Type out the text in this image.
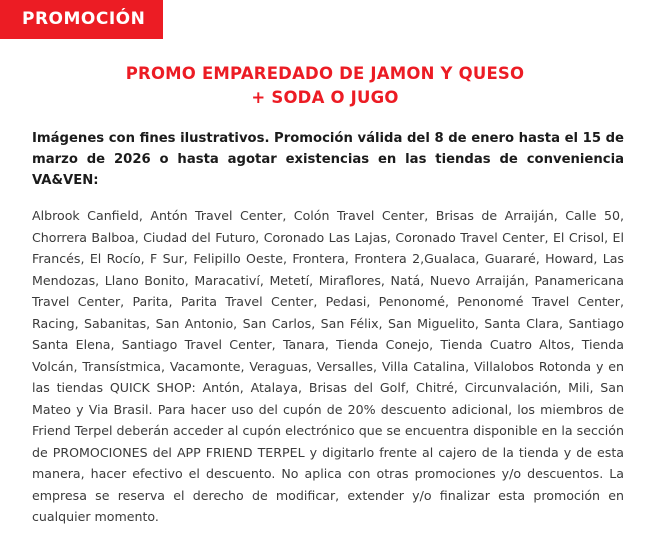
PROMOCIÓN
PROMO EMPAREDADO DE JAMON Y QUESO
+ SODA O JUGO

Imágenes con fines ilustrativos. Promoción válida del 8 de enero hasta el 15 de marzo de 2026 o hasta agotar existencias en las tiendas de conveniencia VA&VEN:

Albrook Canfield, Antón Travel Center, Colón Travel Center, Brisas de Arraiján, Calle 50, Chorrera Balboa, Ciudad del Futuro, Coronado Las Lajas, Coronado Travel Center, El Crisol, El Francés, El Rocío, F Sur, Felipillo Oeste, Frontera, Frontera 2,Gualaca, Guararé, Howard, Las Mendozas, Llano Bonito, Maracativí, Metetí, Miraflores, Natá, Nuevo Arraiján, Panamericana Travel Center, Parita, Parita Travel Center, Pedasi, Penonomé, Penonomé Travel Center, Racing, Sabanitas, San Antonio, San Carlos, San Félix, San Miguelito, Santa Clara, Santiago Santa Elena, Santiago Travel Center, Tanara, Tienda Conejo, Tienda Cuatro Altos, Tienda Volcán, Transístmica, Vacamonte, Veraguas, Versalles, Villa Catalina, Villalobos Rotonda y en las tiendas QUICK SHOP: Antón, Atalaya, Brisas del Golf, Chitré, Circunvalación, Mili, San Mateo y Via Brasil. Para hacer uso del cupón de 20% descuento adicional, los miembros de Friend Terpel deberán acceder al cupón electrónico que se encuentra disponible en la sección de PROMOCIONES del APP FRIEND TERPEL y digitarlo frente al cajero de la tienda y de esta manera, hacer efectivo el descuento. No aplica con otras promociones y/o descuentos. La empresa se reserva el derecho de modificar, extender y/o finalizar esta promoción en cualquier momento.
